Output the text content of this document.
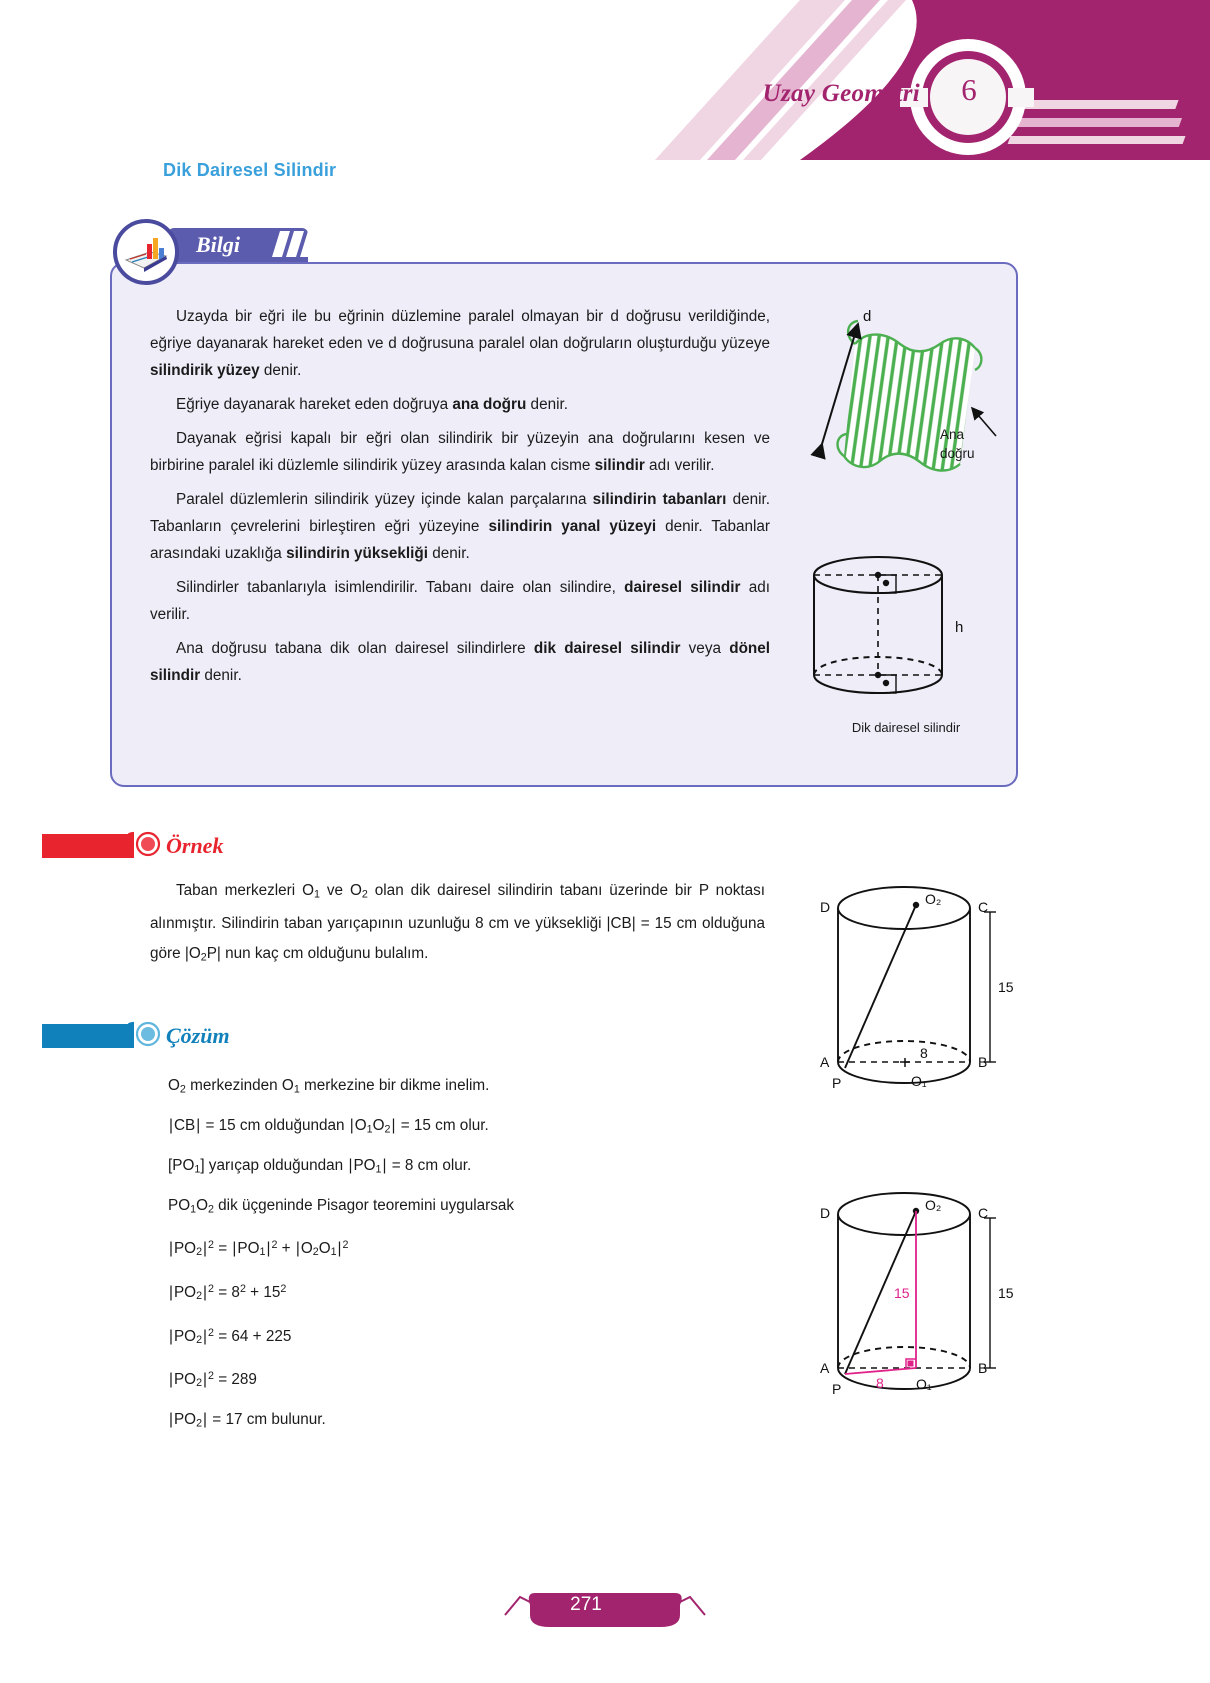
6
Uzay Geometri
Dik Dairesel Silindir
Bilgi

Uzayda bir eğri ile bu eğrinin düzlemine paralel olmayan bir d doğrusu verildiğinde, eğriye dayanarak hareket eden ve d doğrusuna paralel olan doğruların oluşturduğu yüzeye silindirik yüzey denir.

Eğriye dayanarak hareket eden doğruya ana doğru denir.

Dayanak eğrisi kapalı bir eğri olan silindirik bir yüzeyin ana doğrularını kesen ve birbirine paralel iki düzlemle silindirik yüzey arasında kalan cisme silindir adı verilir.

Paralel düzlemlerin silindirik yüzey içinde kalan parçalarına silindirin tabanları denir. Tabanların çevrelerini birleştiren eğri yüzeyine silindirin yanal yüzeyi denir. Tabanlar arasındaki uzaklığa silindirin yüksekliği denir.

Silindirler tabanlarıyla isimlendirilir. Tabanı daire olan silindire, dairesel silindir adı verilir.

Ana doğrusu tabana dik olan dairesel silindirlere dik dairesel silindir veya dönel silindir denir.

d
Ana
doğru
h
Dik dairesel silindir
Örnek

Taban merkezleri $O_1$ ve $O_2$ olan dik dairesel silindirin tabanı üzerinde bir P noktası alınmıştır. Silindirin taban yarıçapının uzunluğu 8 cm ve yüksekliği |CB| = 15 cm olduğuna göre $|O_2P|$ nun kaç cm olduğunu bulalım.

O₁
8
15
D	C
A	B
P
O₂
Çözüm

$O_2$ merkezinden $O_1$ merkezine bir dikme inelim.

|CB| = 15 cm olduğundan $|O_1O_2| = 15$ cm olur.

$[PO_1]$ yarıçap olduğundan $|PO_1| = 8$ cm olur.

$PO_1O_2$ dik üçgeninde Pisagor teoremini uygularsak

$|PO_2|^2 = |PO_1|^2 + |O_2O_1|^2$

$|PO_2|^2 = 8^2 + 15^2$

$|PO_2|^2 = 64 + 225$

$|PO_2|^2 = 289$

$|PO_2| = 17$ cm bulunur.

15
8 O₁
15
D	C
A	B
P
O₂
271
